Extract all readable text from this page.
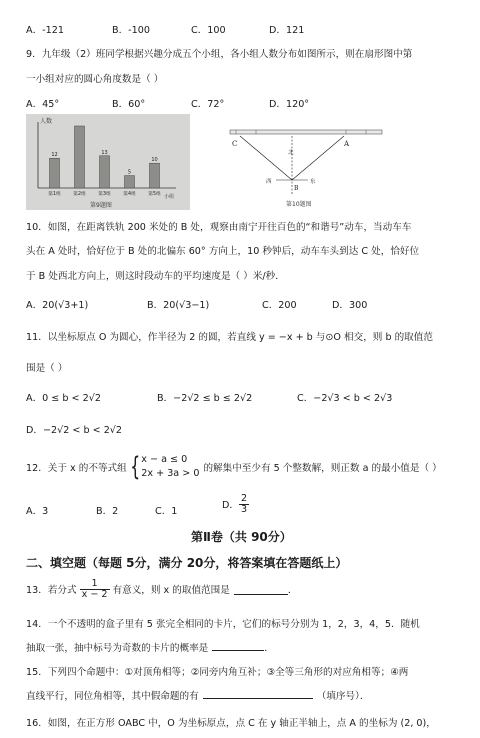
A．-121	B．-100	C．100	D．121
9．九年级（2）班同学根据兴趣分成五个小组，各小组人数分布如图所示，则在扇形图中第
一小组对应的圆心角度数是（ ）
A．45°	B．60°	C．72°	D．120°
人数
小组
第9题图
12
第1组	第2组
13
第3组
5
第4组
10
第5组
C	A
B
北
西	东
第10题图
10．如图，在距离铁轨 200 米处的 B 处，观察由南宁开往百色的“和谐号”动车，当动车车
头在 A 处时，恰好位于 B 处的北偏东 60° 方向上，10 秒钟后，动车车头到达 C 处，恰好位
于 B 处西北方向上，则这时段动车的平均速度是（ ）米/秒．
A．20(√3+1)	B．20(√3−1)	C．200	D．300
11．以坐标原点 O 为圆心，作半径为 2 的圆，若直线 y = −x + b 与⊙O 相交，则 b 的取值范
围是（ ）
A．0 ≤ b < 2√2	B．−2√2 ≤ b ≤ 2√2	C．−2√3 < b < 2√3
D．−2√2 < b < 2√2
12．关于 x 的不等式组 { x − a ≤ 0
2x + 3a > 0 的解集中至少有 5 个整数解，则正数 a 的最小值是（ ）
A．3	B．2	C．1
D． $\frac{2}{3}$
第Ⅱ卷（共 90分）
二、填空题（每题 5分，满分 20分，将答案填在答题纸上）
13．若分式 $\frac{1}{x - 2}$ 有意义，则 x 的取值范围是	．
14．一个不透明的盒子里有 5 张完全相同的卡片，它们的标号分别为 1，2，3，4，5．随机
抽取一张，抽中标号为奇数的卡片的概率是	．
15．下列四个命题中：①对顶角相等；②同旁内角互补；③全等三角形的对应角相等；④两
直线平行，同位角相等，其中假命题的有	（填序号）．
16．如图，在正方形 OABC 中，O 为坐标原点，点 C 在 y 轴正半轴上，点 A 的坐标为 (2, 0)，
